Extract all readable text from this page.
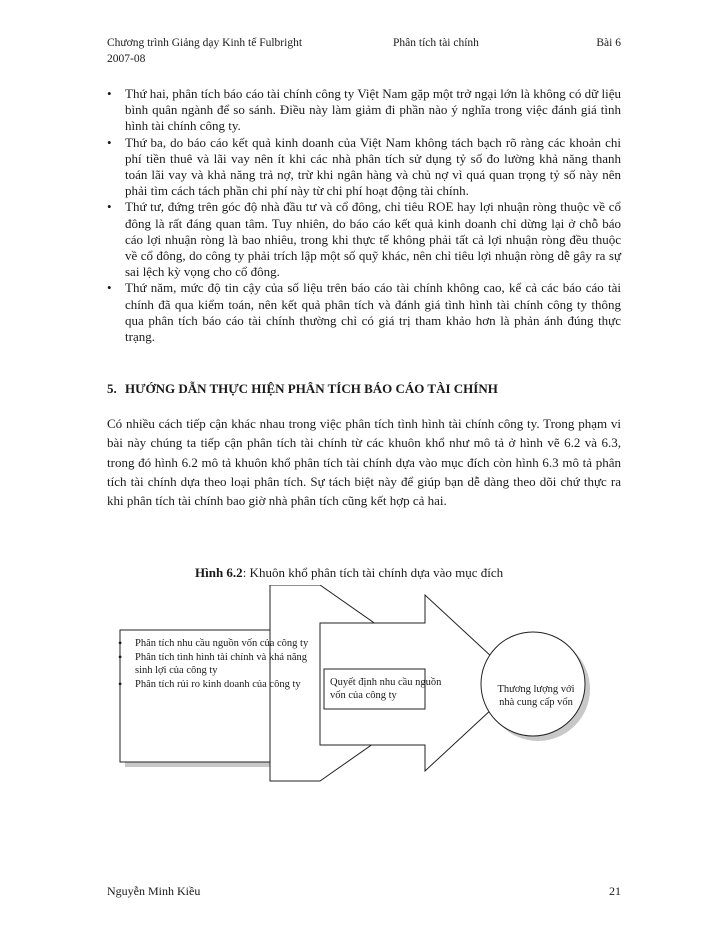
Chương trình Giảng dạy Kinh tế Fulbright	Phân tích tài chính	Bài 6
2007-08
• Thứ hai, phân tích báo cáo tài chính công ty Việt Nam gặp một trở ngại lớn là không có dữ liệu bình quân ngành để so sánh. Điều này làm giảm đi phần nào ý nghĩa trong việc đánh giá tình hình tài chính công ty.
• Thứ ba, do báo cáo kết quả kinh doanh của Việt Nam không tách bạch rõ ràng các khoản chi phí tiền thuê và lãi vay nên ít khi các nhà phân tích sử dụng tỷ số đo lường khả năng thanh toán lãi vay và khả năng trả nợ, trừ khi ngân hàng và chủ nợ vì quá quan trọng tỷ số này nên phải tìm cách tách phần chi phí này từ chi phí hoạt động tài chính.
• Thứ tư, đứng trên góc độ nhà đầu tư và cổ đông, chỉ tiêu ROE hay lợi nhuận ròng thuộc về cổ đông là rất đáng quan tâm. Tuy nhiên, do báo cáo kết quả kinh doanh chỉ dừng lại ở chỗ báo cáo lợi nhuận ròng là bao nhiêu, trong khi thực tế không phải tất cả lợi nhuận ròng đều thuộc về cổ đông, do công ty phải trích lập một số quỹ khác, nên chỉ tiêu lợi nhuận ròng dễ gây ra sự sai lệch kỳ vọng cho cổ đông.
• Thứ năm, mức độ tin cậy của số liệu trên báo cáo tài chính không cao, kể cả các báo cáo tài chính đã qua kiểm toán, nên kết quả phân tích và đánh giá tình hình tài chính công ty thông qua phân tích báo cáo tài chính thường chỉ có giá trị tham khảo hơn là phản ánh đúng thực trạng.
5. HƯỚNG DẪN THỰC HIỆN PHÂN TÍCH BÁO CÁO TÀI CHÍNH

Có nhiều cách tiếp cận khác nhau trong việc phân tích tình hình tài chính công ty. Trong phạm vi bài này chúng ta tiếp cận phân tích tài chính từ các khuôn khổ như mô tả ở hình vẽ 6.2 và 6.3, trong đó hình 6.2 mô tả khuôn khổ phân tích tài chính dựa vào mục đích còn hình 6.3 mô tả phân tích tài chính dựa theo loại phân tích. Sự tách biệt này để giúp bạn dễ dàng theo dõi chứ thực ra khi phân tích tài chính bao giờ nhà phân tích cũng kết hợp cả hai.

Hình 6.2: Khuôn khổ phân tích tài chính dựa vào mục đích
• Phân tích nhu cầu nguồn vốn của công ty
• Phân tích tình hình tài chính và khả năng sinh lợi của công ty
• Phân tích rủi ro kinh doanh của công ty	Quyết định nhu cầu nguồn vốn của công ty
Thương lượng với nhà cung cấp vốn
Nguyễn Minh Kiều	21
